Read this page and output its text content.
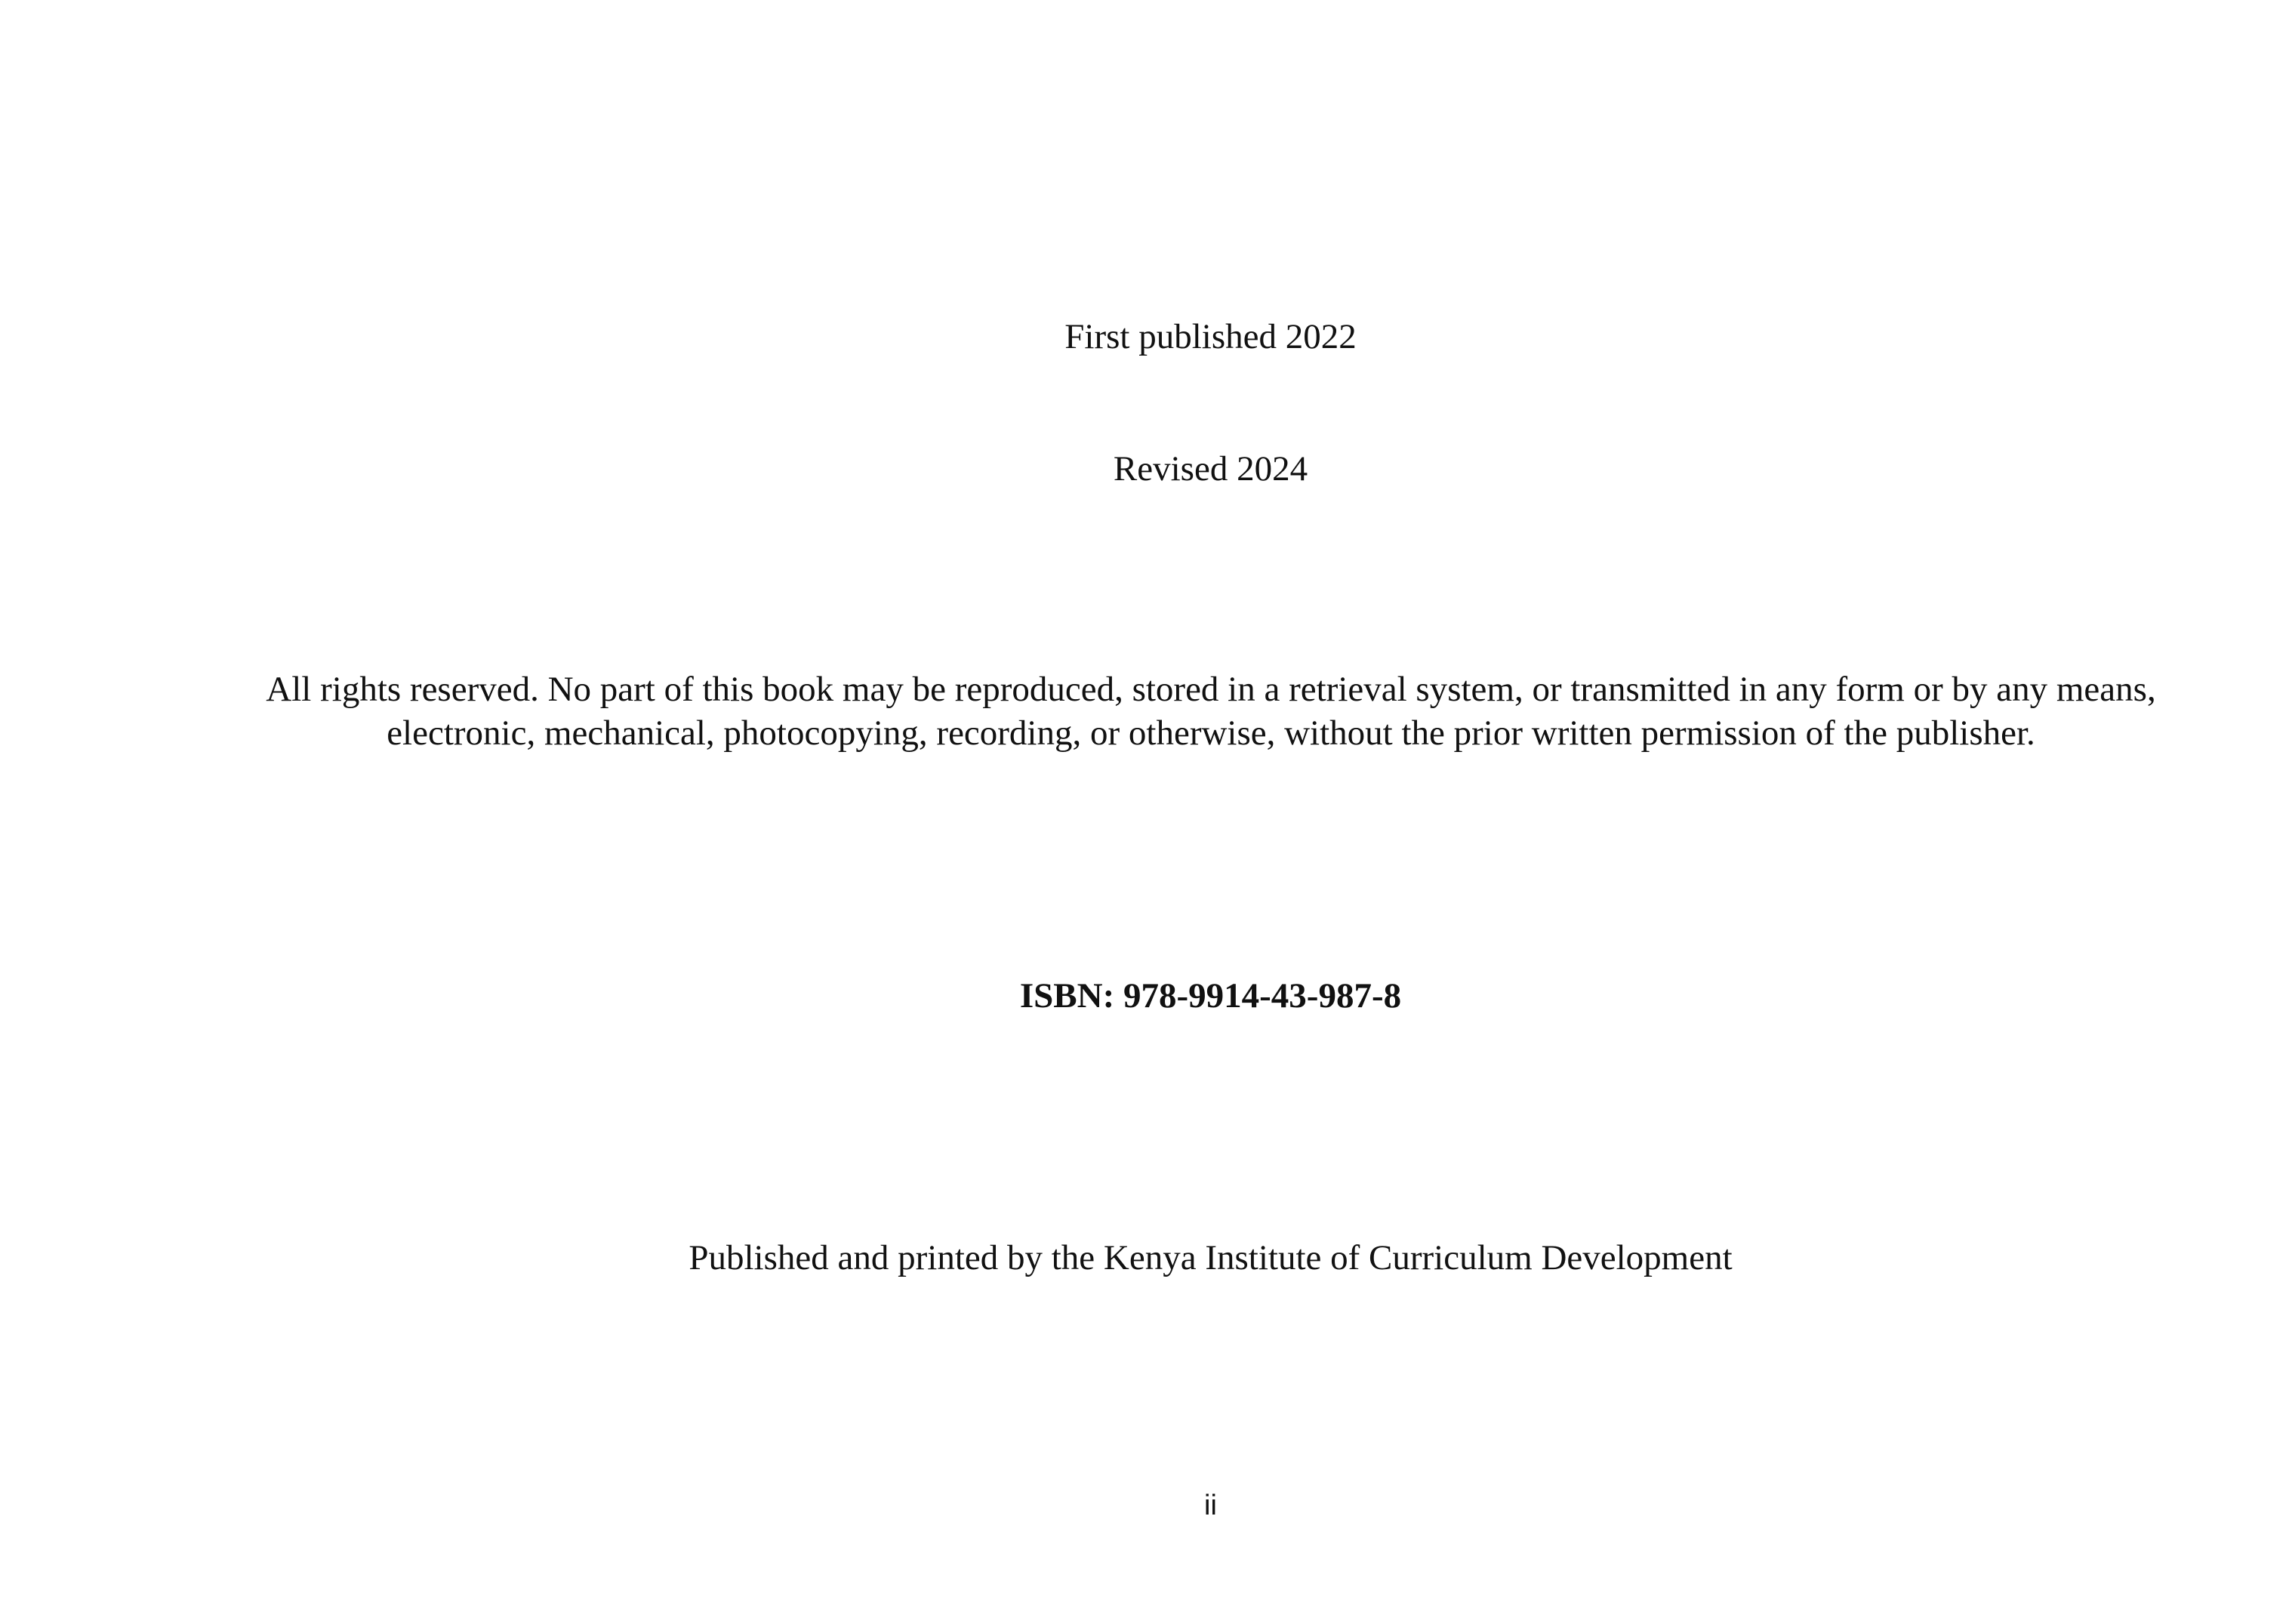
First published 2022
Revised 2024
All rights reserved. No part of this book may be reproduced, stored in a retrieval system, or transmitted in any form or by any means, electronic, mechanical, photocopying, recording, or otherwise, without the prior written permission of the publisher.
ISBN: 978-9914-43-987-8
Published and printed by the Kenya Institute of Curriculum Development
ii
